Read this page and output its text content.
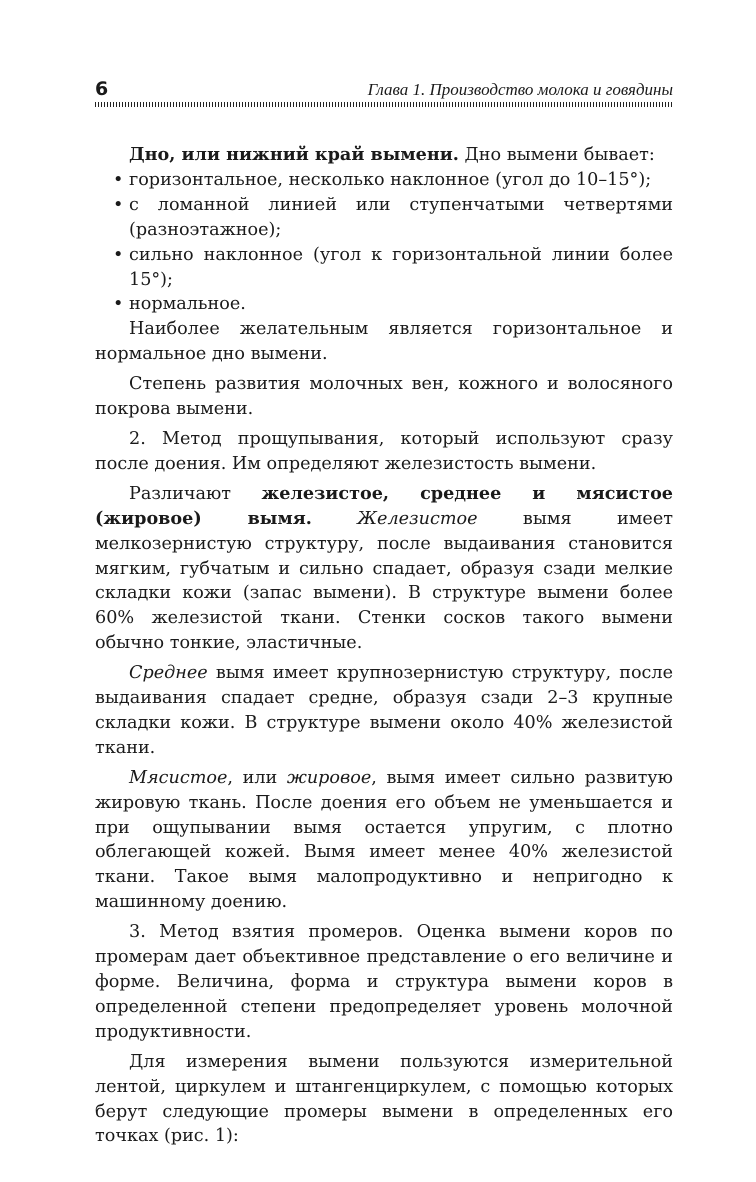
6	Глава 1. Производство молока и говядины

Дно, или нижний край вымени. Дно вымени бывает:

• горизонтальное, несколько наклонное (угол до 10–15°);
• с ломанной линией или ступенчатыми четвертями (разноэтажное);
• сильно наклонное (угол к горизонтальной линии более 15°);
• нормальное.

Наиболее желательным является горизонтальное и нормальное дно вымени.

Степень развития молочных вен, кожного и волосяного покрова вымени.

2. Метод прощупывания, который используют сразу после доения. Им определяют железистость вымени.

Различают железистое, среднее и мясистое (жировое) вымя.	Железистое вымя имеет мелкозернистую структуру, после выдаивания становится мягким, губчатым и сильно спадает, образуя сзади мелкие складки кожи (запас вымени). В структуре вымени более 60% железистой ткани. Стенки сосков такого вымени обычно тонкие, эластичные.

Среднее вымя имеет крупнозернистую структуру, после выдаивания спадает средне, образуя сзади 2–3 крупные складки кожи. В структуре вымени около 40% железистой ткани.

Мясистое, или жировое, вымя имеет сильно развитую жировую ткань. После доения его объем не уменьшается и при ощупывании вымя остается упругим, с плотно облегающей кожей. Вымя имеет менее 40% железистой ткани. Такое вымя малопродуктивно и непригодно к машинному доению.

3. Метод взятия промеров. Оценка вымени коров по промерам дает объективное представление о его величине и форме. Величина, форма и структура вымени коров в определенной степени предопределяет уровень молочной продуктивности.

Для измерения вымени пользуются измерительной лентой, циркулем и штангенциркулем, с помощью которых берут следующие промеры вымени в определенных его точках (рис. 1):
